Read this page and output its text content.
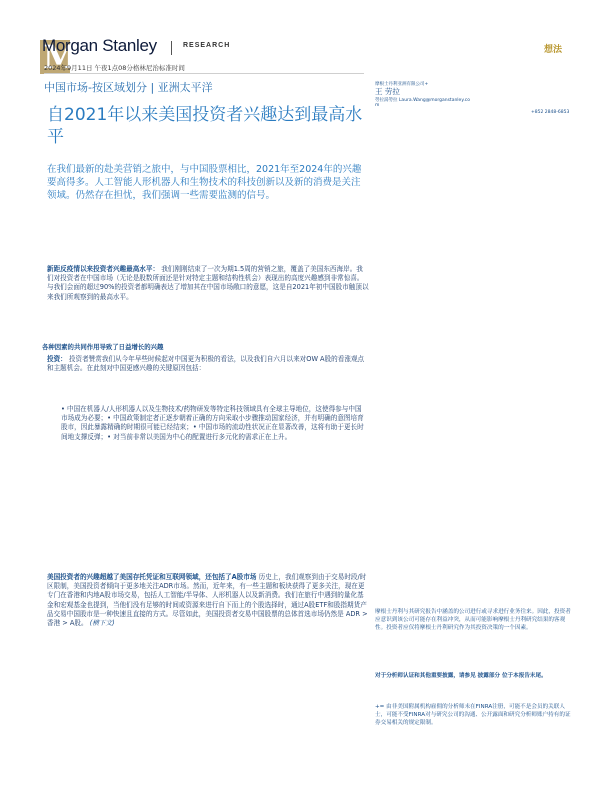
M
Morgan Stanley	RESEARCH
2024年9月11日 午夜1点08分格林尼治标准时间
想法
中国市场-按区域划分 | 亚洲太平洋
自2021年以来美国投资者兴趣达到最高水平
摩根士丹利亚洲有限公司+
王 劳拉
勞拉湯勞拉 Laura.Wang@morganstanley.co
m
+852 2848-6853
在我们最新的赴美营销之旅中，与中国股票相比，2021年至2024年的兴趣要高得多。人工智能人形机器人和生物技术的科技创新以及新的消费是关注领域。仍然存在担忧，我们强调一些需要监测的信号。
新距反疫情以来投资者兴趣最高水平： 我们刚刚结束了一次为期1.5周的营销之旅，覆盖了美国东西海岸。我们对投资者在中国市场（无论是股数所面还是针对特定主题和结构性机会）表现出的高度兴趣感到非常惊喜。与我们会面的超过90%的投资者都明确表达了增加其在中国市场敞口的意愿，这是自2021年初中国股市触顶以来我们所观察到的最高水平。
各种因素的共同作用导致了日益增长的兴趣
投资： 投资者赞赏我们从今年早些时候起对中国更为积极的看法，以及我们自六月以来对OW A股的看涨观点和主题机会。在此刻对中国更感兴趣的关键原因包括：
• 中国在机器人/人形机器人以及生物技术/药物研发等特定科技领域具有全球主导地位，这使得参与中国市场成为必要；• 中国政策制定者正逐步朝着正确的方向采取小步骤推动国家经济，并有明确的意图培育股市，因此暴露精确的时期很可能已经结束；• 中国市场的流动性状况正在显著改善，这将有助于更长时间地支撑反弹；• 对当前非常以美国为中心的配置进行多元化的需求正在上升。
美国投资者的兴趣超越了美国存托凭证和互联网领域，还包括了A股市场 历史上，我们观察到由于交易时段/时区限制，美国投资者倾向于更多地关注ADR市场。然而，近年来，有一些主题和板块获得了更多关注，现在更专门在香港和内地A股市场交易，包括人工智能/半导体、人形机器人以及新消费。我们在旅行中遇到的量化基金和宏观基金也提到，当他们没有足够的时间或资源来进行自下而上的个股选择时，通过A股ETF和股指期货产品交易中国股市是一种快速且直接的方式。尽管如此，美国投资者交易中国股票的总体首选市场仍然是 ADR > 香港 > A股。 (横下文)
摩根士丹利与其研究报告中涵盖的公司进行或寻求进行业务往来。因此，投资者应意识到该公司可能存在利益冲突，从而可能影响摩根士丹利研究结果的客观性。投资者应仅将摩根士丹利研究作为其投资决策的一个因素。
对于分析师认证和其他重要披露，请参见 披露部分 位于本报告末尾。
+= 由非美国附属机构雇佣的分析师未在FINRA注册，可能不是会员的关联人士，可能不受FINRA对与研究公司的沟通、公开露面和研究分析师账户持有的证券交易相关的规定限制。
